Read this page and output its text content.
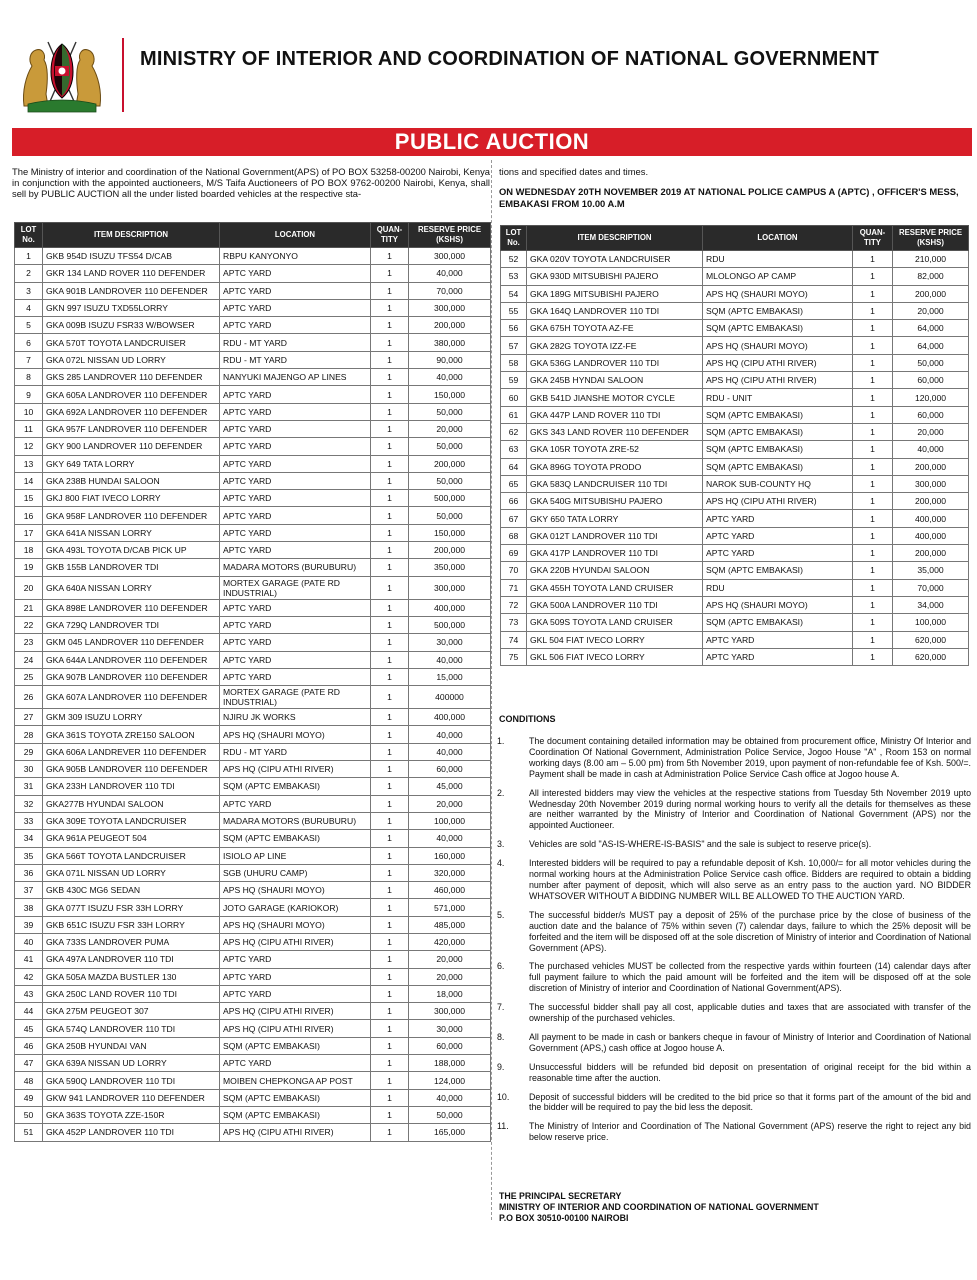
MINISTRY OF INTERIOR AND COORDINATION OF NATIONAL GOVERNMENT
PUBLIC AUCTION
The Ministry of interior and coordination of the National Government(APS) of PO BOX 53258-00200 Nairobi, Kenya in conjunction with the appointed auctioneers, M/S Taifa Auctioneers of PO BOX 9762-00200 Nairobi, Kenya, shall sell by PUBLIC AUCTION all the under listed boarded vehicles at the respective sta-
tions and specified dates and times.
ON WEDNESDAY 20TH NOVEMBER 2019 AT NATIONAL POLICE CAMPUS A (APTC) , OFFICER'S MESS, EMBAKASI FROM 10.00 A.M
LOT No.	ITEM DESCRIPTION	LOCATION	QUAN-TITY	RESERVE PRICE (KSHS)
1	GKB 954D ISUZU TFS54 D/CAB	RBPU KANYONYO	1	300,000
2	GKR 134 LAND ROVER 110 DEFENDER	APTC YARD	1	40,000
3	GKA 901B LANDROVER 110 DEFENDER	APTC YARD	1	70,000
4	GKN 997 ISUZU TXD55LORRY	APTC YARD	1	300,000
5	GKA 009B ISUZU FSR33 W/BOWSER	APTC YARD	1	200,000
6	GKA 570T TOYOTA LANDCRUISER	RDU - MT YARD	1	380,000
7	GKA 072L NISSAN UD LORRY	RDU - MT YARD	1	90,000
8	GKS 285 LANDROVER 110 DEFENDER	NANYUKI MAJENGO AP LINES	1	40,000
9	GKA 605A LANDROVER 110 DEFENDER	APTC YARD	1	150,000
10	GKA 692A LANDROVER 110 DEFENDER	APTC YARD	1	50,000
11	GKA 957F LANDROVER 110 DEFENDER	APTC YARD	1	20,000
12	GKY 900 LANDROVER 110 DEFENDER	APTC YARD	1	50,000
13	GKY 649 TATA LORRY	APTC YARD	1	200,000
14	GKA 238B HUNDAI SALOON	APTC YARD	1	50,000
15	GKJ 800 FIAT IVECO LORRY	APTC YARD	1	500,000
16	GKA 958F LANDROVER 110 DEFENDER	APTC YARD	1	50,000
17	GKA 641A NISSAN LORRY	APTC YARD	1	150,000
18	GKA 493L TOYOTA D/CAB PICK UP	APTC YARD	1	200,000
19	GKB 155B LANDROVER TDI	MADARA MOTORS (BURUBURU)	1	350,000
20	GKA 640A NISSAN LORRY	MORTEX GARAGE (PATE RD INDUSTRIAL)	1	300,000
21	GKA 898E LANDROVER 110 DEFENDER	APTC YARD	1	400,000
22	GKA 729Q LANDROVER TDI	APTC YARD	1	500,000
23	GKM 045 LANDROVER 110 DEFENDER	APTC YARD	1	30,000
24	GKA 644A LANDROVER 110 DEFENDER	APTC YARD	1	40,000
25	GKA 907B LANDROVER 110 DEFENDER	APTC YARD	1	15,000
26	GKA 607A LANDROVER 110 DEFENDER	MORTEX GARAGE (PATE RD INDUSTRIAL)	1	400000
27	GKM 309 ISUZU LORRY	NJIRU JK WORKS	1	400,000
28	GKA 361S TOYOTA ZRE150 SALOON	APS HQ (SHAURI MOYO)	1	40,000
29	GKA 606A LANDREVER 110 DEFENDER	RDU - MT YARD	1	40,000
30	GKA 905B LANDROVER 110 DEFENDER	APS HQ (CIPU ATHI RIVER)	1	60,000
31	GKA 233H LANDROVER 110 TDI	SQM (APTC EMBAKASI)	1	45,000
32	GKA277B HYUNDAI SALOON	APTC YARD	1	20,000
33	GKA 309E TOYOTA LANDCRUISER	MADARA MOTORS (BURUBURU)	1	100,000
34	GKA 961A PEUGEOT 504	SQM (APTC EMBAKASI)	1	40,000
35	GKA 566T TOYOTA LANDCRUISER	ISIOLO AP LINE	1	160,000
36	GKA 071L NISSAN UD LORRY	SGB (UHURU CAMP)	1	320,000
37	GKB 430C MG6 SEDAN	APS HQ (SHAURI MOYO)	1	460,000
38	GKA 077T ISUZU FSR 33H LORRY	JOTO GARAGE (KARIOKOR)	1	571,000
39	GKB 651C ISUZU FSR 33H LORRY	APS HQ (SHAURI MOYO)	1	485,000
40	GKA 733S LANDROVER PUMA	APS HQ (CIPU ATHI RIVER)	1	420,000
41	GKA 497A LANDROVER 110 TDI	APTC YARD	1	20,000
42	GKA 505A MAZDA BUSTLER 130	APTC YARD	1	20,000
43	GKA 250C LAND ROVER 110 TDI	APTC YARD	1	18,000
44	GKA 275M PEUGEOT 307	APS HQ (CIPU ATHI RIVER)	1	300,000
45	GKA 574Q LANDROVER 110 TDI	APS HQ (CIPU ATHI RIVER)	1	30,000
46	GKA 250B HYUNDAI VAN	SQM (APTC EMBAKASI)	1	60,000
47	GKA 639A NISSAN UD LORRY	APTC YARD	1	188,000
48	GKA 590Q LANDROVER 110 TDI	MOIBEN CHEPKONGA AP POST	1	124,000
49	GKW 941 LANDROVER 110 DEFENDER	SQM (APTC EMBAKASI)	1	40,000
50	GKA 363S TOYOTA ZZE-150R	SQM (APTC EMBAKASI)	1	50,000
51	GKA 452P LANDROVER 110 TDI	APS HQ (CIPU ATHI RIVER)	1	165,000
LOT No.	ITEM DESCRIPTION	LOCATION	QUAN-TITY	RESERVE PRICE (KSHS)
52	GKA 020V TOYOTA LANDCRUISER	RDU	1	210,000
53	GKA 930D MITSUBISHI PAJERO	MLOLONGO AP CAMP	1	82,000
54	GKA 189G MITSUBISHI PAJERO	APS HQ (SHAURI MOYO)	1	200,000
55	GKA 164Q LANDROVER 110 TDI	SQM (APTC EMBAKASI)	1	20,000
56	GKA 675H TOYOTA AZ-FE	SQM (APTC EMBAKASI)	1	64,000
57	GKA 282G TOYOTA IZZ-FE	APS HQ (SHAURI MOYO)	1	64,000
58	GKA 536G LANDROVER 110 TDI	APS HQ (CIPU ATHI RIVER)	1	50,000
59	GKA 245B HYNDAI SALOON	APS HQ (CIPU ATHI RIVER)	1	60,000
60	GKB 541D JIANSHE MOTOR CYCLE	RDU - UNIT	1	120,000
61	GKA 447P LAND ROVER 110 TDI	SQM (APTC EMBAKASI)	1	60,000
62	GKS 343 LAND ROVER 110 DEFENDER	SQM (APTC EMBAKASI)	1	20,000
63	GKA 105R TOYOTA ZRE-52	SQM (APTC EMBAKASI)	1	40,000
64	GKA 896G TOYOTA PRODO	SQM (APTC EMBAKASI)	1	200,000
65	GKA 583Q LANDCRUISER 110 TDI	NAROK SUB-COUNTY HQ	1	300,000
66	GKA 540G MITSUBISHU PAJERO	APS HQ (CIPU ATHI RIVER)	1	200,000
67	GKY 650 TATA LORRY	APTC YARD	1	400,000
68	GKA 012T LANDROVER 110 TDI	APTC YARD	1	400,000
69	GKA 417P LANDROVER 110 TDI	APTC YARD	1	200,000
70	GKA 220B HYUNDAI SALOON	SQM (APTC EMBAKASI)	1	35,000
71	GKA 455H TOYOTA LAND CRUISER	RDU	1	70,000
72	GKA 500A LANDROVER 110 TDI	APS HQ (SHAURI MOYO)	1	34,000
73	GKA 509S TOYOTA LAND CRUISER	SQM (APTC EMBAKASI)	1	100,000
74	GKL 504 FIAT IVECO LORRY	APTC YARD	1	620,000
75	GKL 506 FIAT IVECO LORRY	APTC YARD	1	620,000
CONDITIONS
1.	The document containing detailed information may be obtained from procurement office, Ministry Of Interior and Coordination Of National Government, Administration Police Service, Jogoo House "A" , Room 153 on normal working days (8.00 am – 5.00 pm) from 5th November 2019, upon payment of non-refundable fee of Ksh. 500/=. Payment shall be made in cash at Administration Police Service Cash office at Jogoo house A.
2.	All interested bidders may view the vehicles at the respective stations from Tuesday 5th November 2019 upto Wednesday 20th November 2019 during normal working hours to verify all the details for themselves as these are neither warranted by the Ministry of Interior and Coordination of National Government (APS) nor the appointed Auctioneer.
3.	Vehicles are sold "AS-IS-WHERE-IS-BASIS" and the sale is subject to reserve price(s).
4.	Interested bidders will be required to pay a refundable deposit of Ksh. 10,000/= for all motor vehicles during the normal working hours at the Administration Police Service cash office. Bidders are required to obtain a bidding number after payment of deposit, which will also serve as an entry pass to the auction yard. NO BIDDER WHATSOVER WITHOUT A BIDDING NUMBER WILL BE ALLOWED TO THE AUCTION YARD.
5.	The successful bidder/s MUST pay a deposit of 25% of the purchase price by the close of business of the auction date and the balance of 75% within seven (7) calendar days, failure to which the 25% deposit will be forfeited and the item will be disposed off at the sole discretion of Ministry of interior and Coordination of National Government (APS).
6.	The purchased vehicles MUST be collected from the respective yards within fourteen (14) calendar days after full payment failure to which the paid amount will be forfeited and the item will be disposed off at the sole discretion of Ministry of interior and Coordination of National Government(APS).
7.	The successful bidder shall pay all cost, applicable duties and taxes that are associated with transfer of the ownership of the purchased vehicles.
8.	All payment to be made in cash or bankers cheque in favour of Ministry of Interior and Coordination of National Government (APS,) cash office at Jogoo house A.
9.	Unsuccessful bidders will be refunded bid deposit on presentation of original receipt for the bid within a reasonable time after the auction.
10.	Deposit of successful bidders will be credited to the bid price so that it forms part of the amount of the bid and the bidder will be required to pay the bid less the deposit.
11.	The Ministry of Interior and Coordination of The National Government (APS) reserve the right to reject any bid below reserve price.
THE PRINCIPAL SECRETARY
MINISTRY OF INTERIOR AND COORDINATION OF NATIONAL GOVERNMENT
P.O BOX 30510-00100 NAIROBI
